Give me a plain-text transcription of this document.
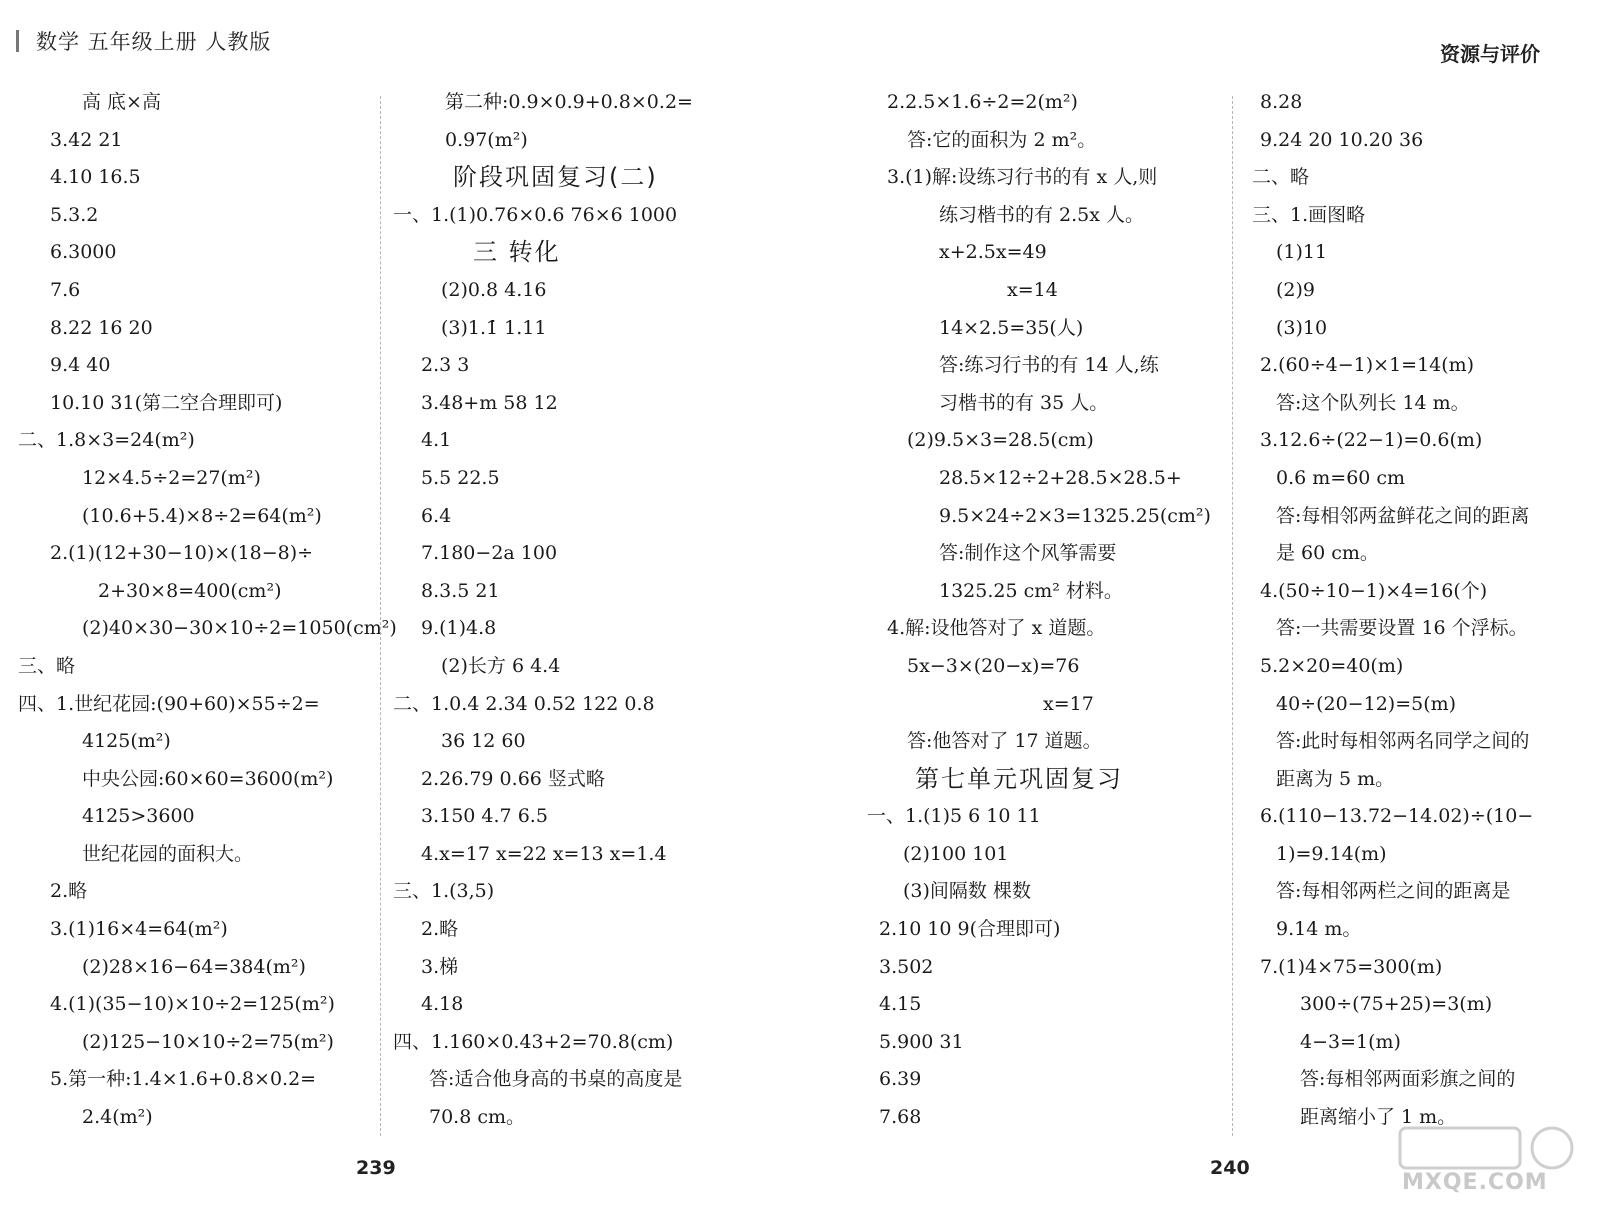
数学 五年级上册 人教版	资源与评价
高 底×高
3.42 21
4.10 16.5
5.3.2
6.3000
7.6
8.22 16 20
9.4 40
10.10 31(第二空合理即可)
二、1.8×3=24(m²)
12×4.5÷2=27(m²)
(10.6+5.4)×8÷2=64(m²)
2.(1)(12+30−10)×(18−8)÷
2+30×8=400(cm²)
(2)40×30−30×10÷2=1050(cm²)
三、略
四、1.世纪花园:(90+60)×55÷2=
4125(m²)
中央公园:60×60=3600(m²)
4125>3600
世纪花园的面积大。
2.略
3.(1)16×4=64(m²)
(2)28×16−64=384(m²)
4.(1)(35−10)×10÷2=125(m²)
(2)125−10×10÷2=75(m²)
5.第一种:1.4×1.6+0.8×0.2=
2.4(m²)
第二种:0.9×0.9+0.8×0.2=
0.97(m²)
阶段巩固复习(二)
一、1.(1)0.76×0.6 76×6 1000
三 转化
(2)0.8 4.16
(3)1.1̇ 1.11
2.3 3
3.48+m 58 12
4.1
5.5 22.5
6.4
7.180−2a 100
8.3.5 21
9.(1)4.8
(2)长方 6 4.4
二、1.0.4 2.34 0.52 122 0.8
36 12 60
2.26.79 0.66 竖式略
3.150 4.7 6.5
4.x=17 x=22 x=13 x=1.4
三、1.(3,5)
2.略
3.梯
4.18
四、1.160×0.43+2=70.8(cm)
答:适合他身高的书桌的高度是
70.8 cm。
2.2.5×1.6÷2=2(m²)
答:它的面积为 2 m²。
3.(1)解:设练习行书的有 x 人,则
练习楷书的有 2.5x 人。
x+2.5x=49
x=14
14×2.5=35(人)
答:练习行书的有 14 人,练
习楷书的有 35 人。
(2)9.5×3=28.5(cm)
28.5×12÷2+28.5×28.5+
9.5×24÷2×3=1325.25(cm²)
答:制作这个风筝需要
1325.25 cm² 材料。
4.解:设他答对了 x 道题。
5x−3×(20−x)=76
x=17
答:他答对了 17 道题。
第七单元巩固复习
一、1.(1)5 6 10 11
(2)100 101
(3)间隔数 棵数
2.10 10 9(合理即可)
3.502
4.15
5.900 31
6.39
7.68
8.28
9.24 20 10.20 36
二、略
三、1.画图略
(1)11
(2)9
(3)10
2.(60÷4−1)×1=14(m)
答:这个队列长 14 m。
3.12.6÷(22−1)=0.6(m)
0.6 m=60 cm
答:每相邻两盆鲜花之间的距离
是 60 cm。
4.(50÷10−1)×4=16(个)
答:一共需要设置 16 个浮标。
5.2×20=40(m)
40÷(20−12)=5(m)
答:此时每相邻两名同学之间的
距离为 5 m。
6.(110−13.72−14.02)÷(10−
1)=9.14(m)
答:每相邻两栏之间的距离是
9.14 m。
7.(1)4×75=300(m)
300÷(75+25)=3(m)
4−3=1(m)
答:每相邻两面彩旗之间的
距离缩小了 1 m。
239	240
MXQE.COM
